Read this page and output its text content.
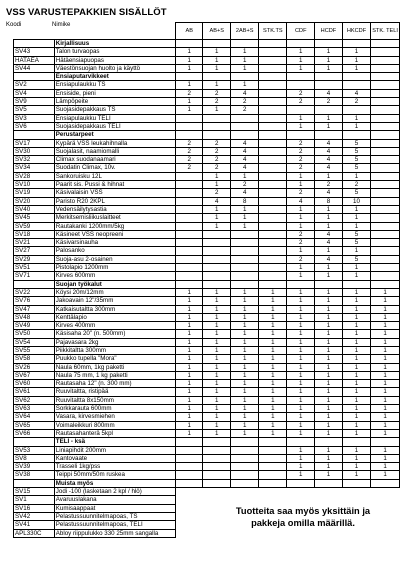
VSS VARUSTEPAKKIEN SISÄLLÖT
Koodi	Nimike
		AB	AB+S	2AB+S	STK.TS	CDF	HCDF	HKCDF	STK. TELI
	Kirjallisuus								
SV43	Talon turvaopas	1	1	1		1	1	1	
HATAEA	Hätäensiapuopas	1	1	1		1	1	1	
SV44	Väestönsuojan huolto ja käyttö	1	1	1		1	1	1	
	Ensiaputarvikkeet								
SV2	Ensiapulaukku TS	1	1	1					
SV4	Ensiside, pieni	2	2	4		2	4	4	
SV9	Lämpöpeite	1	2	2		2	2	2	
SV5	Suojasidepakkaus TS	1	1	2					
SV3	Ensiapulaukku TELI					1	1	1	
SV6	Suojasidepakkaus TELI					1	1	1	
	Perustarpeet								
SV17	Kypärä VSS leukahihnalla	2	2	4		2	4	5	
SV30	Suojalasit, naamiomalli	2	2	4		2	4	5	
SV32	Climax suodanaamari	2	2	4		2	4	5	
SV34	Suodatin Climax, 10v.	2	2	4		2	4	5	
SV28	Sankoruisku 12L		1	1		1	1	1	
SV10	Paarit sis. Pussi & hihnat		1	2		1	2	2	
SV19	Käsivalaisin VSS		2	4		2	4	5	
SV20	Paristo R20 2KPL		4	8		4	8	10	
SV40	Vedensäilytysastia		1	1		1	1	1	
SV45	Merkitsemisliikuslaitteet		1	1		1	1	1	
SV59	Rautakanki 1200mm/5kg		1	1		1	1	1	
SV18	Käsineet VSS neopreeni					2	4	5	
SV21	Käsivarsinauha					2	4	5	
SV27	Palosanko					1	1	1	
SV29	Suoja-asu 2-osainen					2	4	5	
SV51	Pistolapio 1200mm					1	1	1	
SV71	Kirves 600mm					1	1	1	
	Suojan työkalut								
SV22	Köysi 20m/12mm	1	1	1	1	1	1	1	1
SV76	Jakoavain 12"/35mm	1	1	1	1	1	1	1	1
SV47	Katkaisutaltta 300mm	1	1	1	1	1	1	1	1
SV48	Kenttälapio	1	1	1	1	1	1	1	1
SV49	Kirves 400mm	1	1	1	1	1	1	1	1
SV50	Käsisaha 20" (n. 500mm)	1	1	1	1	1	1	1	1
SV54	Pajavasara 2kg	1	1	1	1	1	1	1	1
SV55	Piikkitaltta 300mm	1	1	1	1	1	1	1	1
SV58	Puukko tupella "Mora"	1	1	1	1	1	1	1	1
SV26	Naula 60mm, 1kg paketti	1	1	1	1	1	1	1	1
SV67	Naula 75 mm, 1 kg paketti	1	1	1	1	1	1	1	1
SV60	Rautasaha 12" (n. 300 mm)	1	1	1	1	1	1	1	1
SV61	Ruuvitaltta, ristipää	1	1	1	1	1	1	1	1
SV62	Ruuvitaltta 8x150mm	1	1	1	1	1	1	1	1
SV63	Sorkkarauta 600mm	1	1	1	1	1	1	1	1
SV64	Vasara, kirvesmiehen	1	1	1	1	1	1	1	1
SV65	Voimaleikkuri 800mm	1	1	1	1	1	1	1	1
SV66	Rautasahanterä 5kpl	1	1	1	1	1	1	1	1
	TELI - ksä								
SV53	Liniapihdit 200mm					1	1	1	1
SV8	Kantovaate					1	1	1	1
SV39	Trasseli 1kg/pss					1	1	1	1
SV38	Teippi 50mm/50m ruskea					1	1	1	1
	Muista myös								
SV15	Jodi -100 (lasketaan 2 kpl / hlö)								
SV1	Avaruuslakana								
SV16	Kumisaappaat								
SV42	Pelastussuunnitelmapoas, TS								
SV41	Pelastussuunnitelmapoas, TELI								
APL330C	Abloy riippulukko 330 25mm sangalla								
Tuotteita saa myös yksittäin ja pakkeja omilla määrillä.
